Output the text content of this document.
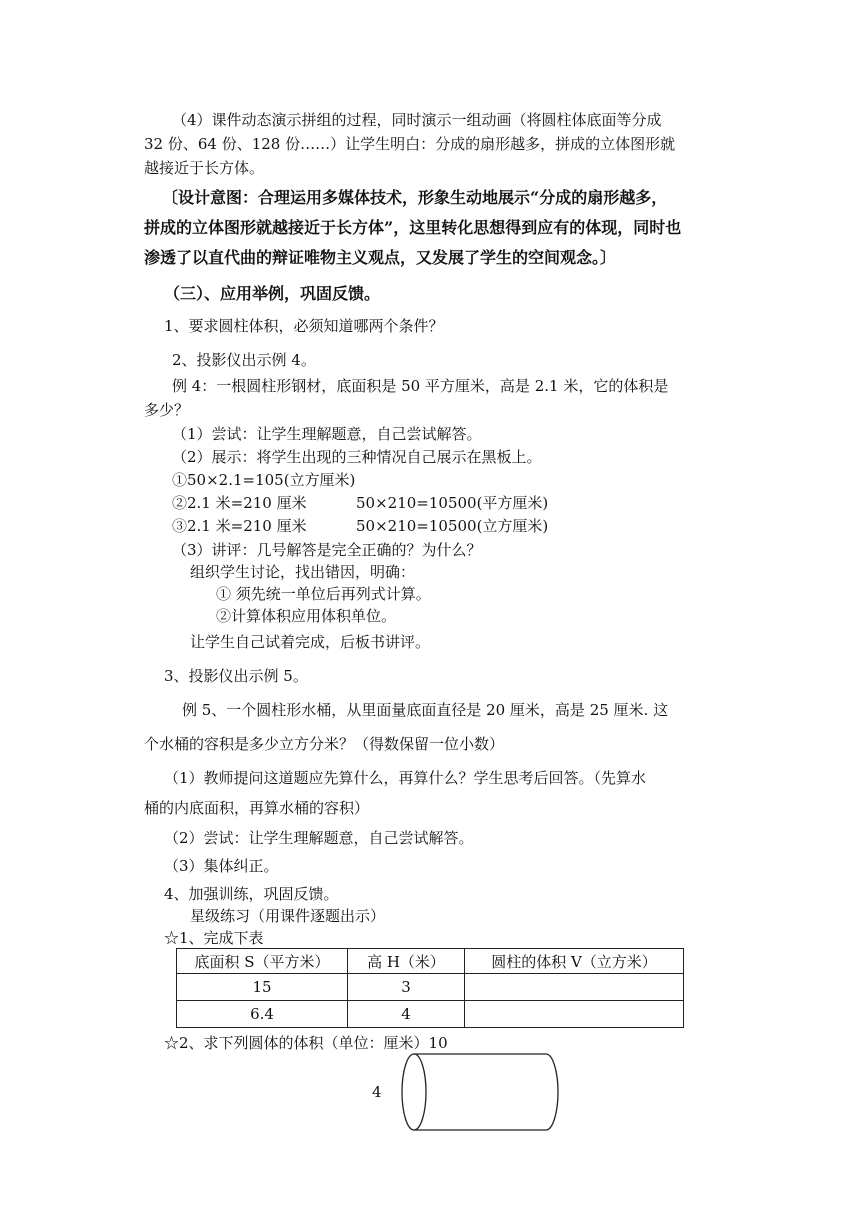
（4）课件动态演示拼组的过程，同时演示一组动画（将圆柱体底面等分成
32 份、64 份、128 份……）让学生明白：分成的扇形越多，拼成的立体图形就
越接近于长方体。
〔设计意图：合理运用多媒体技术，形象生动地展示“分成的扇形越多，
拼成的立体图形就越接近于长方体”，这里转化思想得到应有的体现，同时也
渗透了以直代曲的辩证唯物主义观点，又发展了学生的空间观念。〕
（三）、应用举例，巩固反馈。
1、要求圆柱体积，必须知道哪两个条件？
2、投影仪出示例 4。
例 4：一根圆柱形钢材，底面积是 50 平方厘米，高是 2.1 米，它的体积是
多少？
（1）尝试：让学生理解题意，自己尝试解答。
（2）展示：将学生出现的三种情况自己展示在黑板上。
①50×2.1=105(立方厘米)
②2.1 米=210 厘米	50×210=10500(平方厘米)
③2.1 米=210 厘米	50×210=10500(立方厘米)
（3）讲评：几号解答是完全正确的？为什么？
组织学生讨论，找出错因，明确：
① 须先统一单位后再列式计算。
②计算体积应用体积单位。
让学生自己试着完成，后板书讲评。
3、投影仪出示例 5。
例 5、一个圆柱形水桶，从里面量底面直径是 20 厘米，高是 25 厘米. 这
个水桶的容积是多少立方分米？（得数保留一位小数）
（1）教师提问这道题应先算什么，再算什么？学生思考后回答。（先算水
桶的内底面积，再算水桶的容积）
（2）尝试：让学生理解题意，自己尝试解答。
（3）集体纠正。
4、加强训练，巩固反馈。
星级练习（用课件逐题出示）
☆1、完成下表
底面积 S（平方米）	高 H（米）	圆柱的体积 V（立方米）
15	3	
6.4	4	
☆2、求下列圆体的体积（单位：厘米）10
4
